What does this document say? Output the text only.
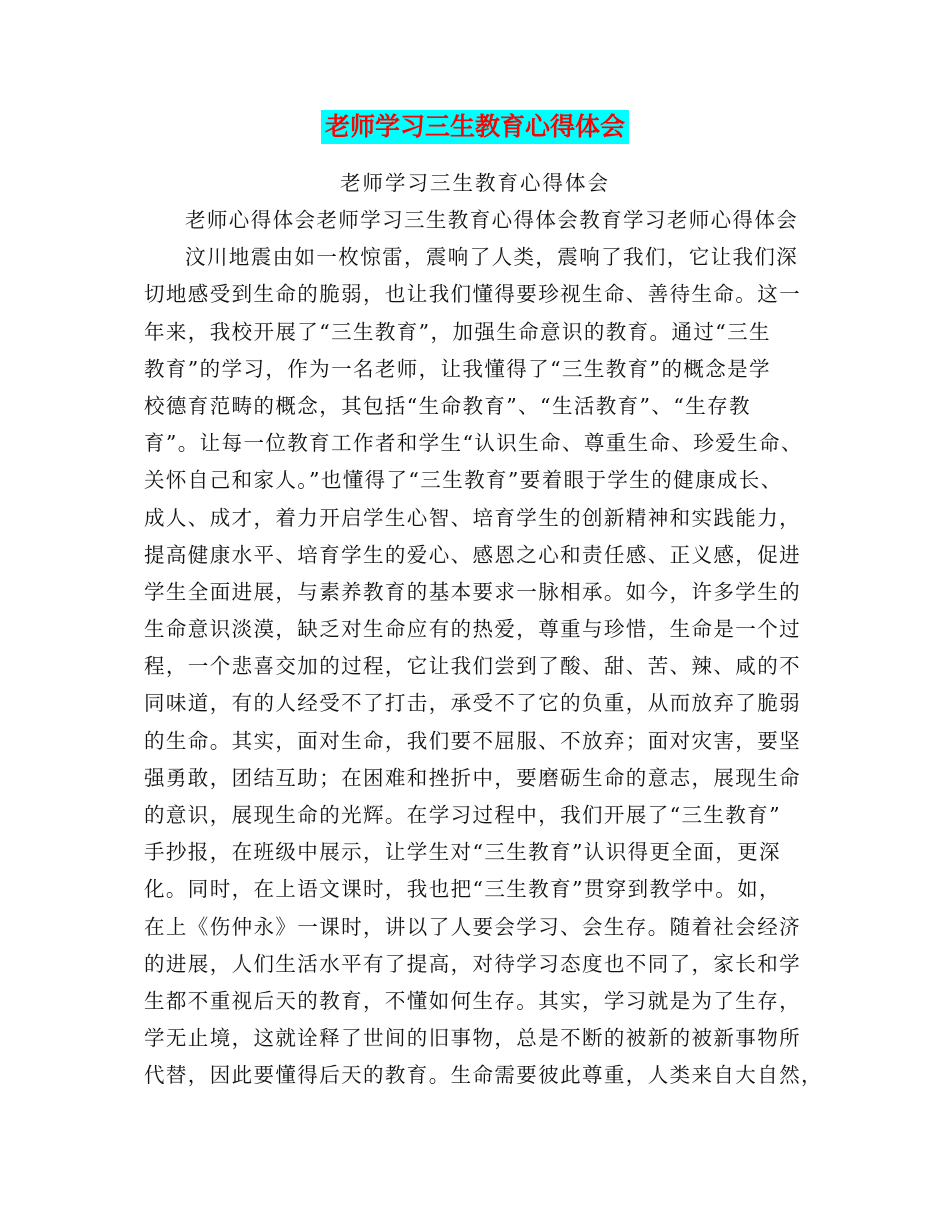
老师学习三生教育心得体会
老师学习三生教育心得体会
老师心得体会老师学习三生教育心得体会教育学习老师心得体会
汶川地震由如一枚惊雷，震响了人类，震响了我们，它让我们深
切地感受到生命的脆弱，也让我们懂得要珍视生命、善待生命。这一
年来，我校开展了“三生教育”，加强生命意识的教育。通过“三生
教育”的学习，作为一名老师，让我懂得了“三生教育”的概念是学
校德育范畴的概念，其包括“生命教育”、“生活教育”、“生存教
育”。让每一位教育工作者和学生“认识生命、尊重生命、珍爱生命、
关怀自己和家人。”也懂得了“三生教育”要着眼于学生的健康成长、
成人、成才，着力开启学生心智、培育学生的创新精神和实践能力，
提高健康水平、培育学生的爱心、感恩之心和责任感、正义感，促进
学生全面进展，与素养教育的基本要求一脉相承。如今，许多学生的
生命意识淡漠，缺乏对生命应有的热爱，尊重与珍惜，生命是一个过
程，一个悲喜交加的过程，它让我们尝到了酸、甜、苦、辣、咸的不
同味道，有的人经受不了打击，承受不了它的负重，从而放弃了脆弱
的生命。其实，面对生命，我们要不屈服、不放弃；面对灾害，要坚
强勇敢，团结互助；在困难和挫折中，要磨砺生命的意志，展现生命
的意识，展现生命的光辉。在学习过程中，我们开展了“三生教育”
手抄报，在班级中展示，让学生对“三生教育”认识得更全面，更深
化。同时，在上语文课时，我也把“三生教育”贯穿到教学中。如，
在上《伤仲永》一课时，讲以了人要会学习、会生存。随着社会经济
的进展，人们生活水平有了提高，对待学习态度也不同了，家长和学
生都不重视后天的教育，不懂如何生存。其实，学习就是为了生存，
学无止境，这就诠释了世间的旧事物，总是不断的被新的被新事物所
代替，因此要懂得后天的教育。生命需要彼此尊重，人类来自大自然，
